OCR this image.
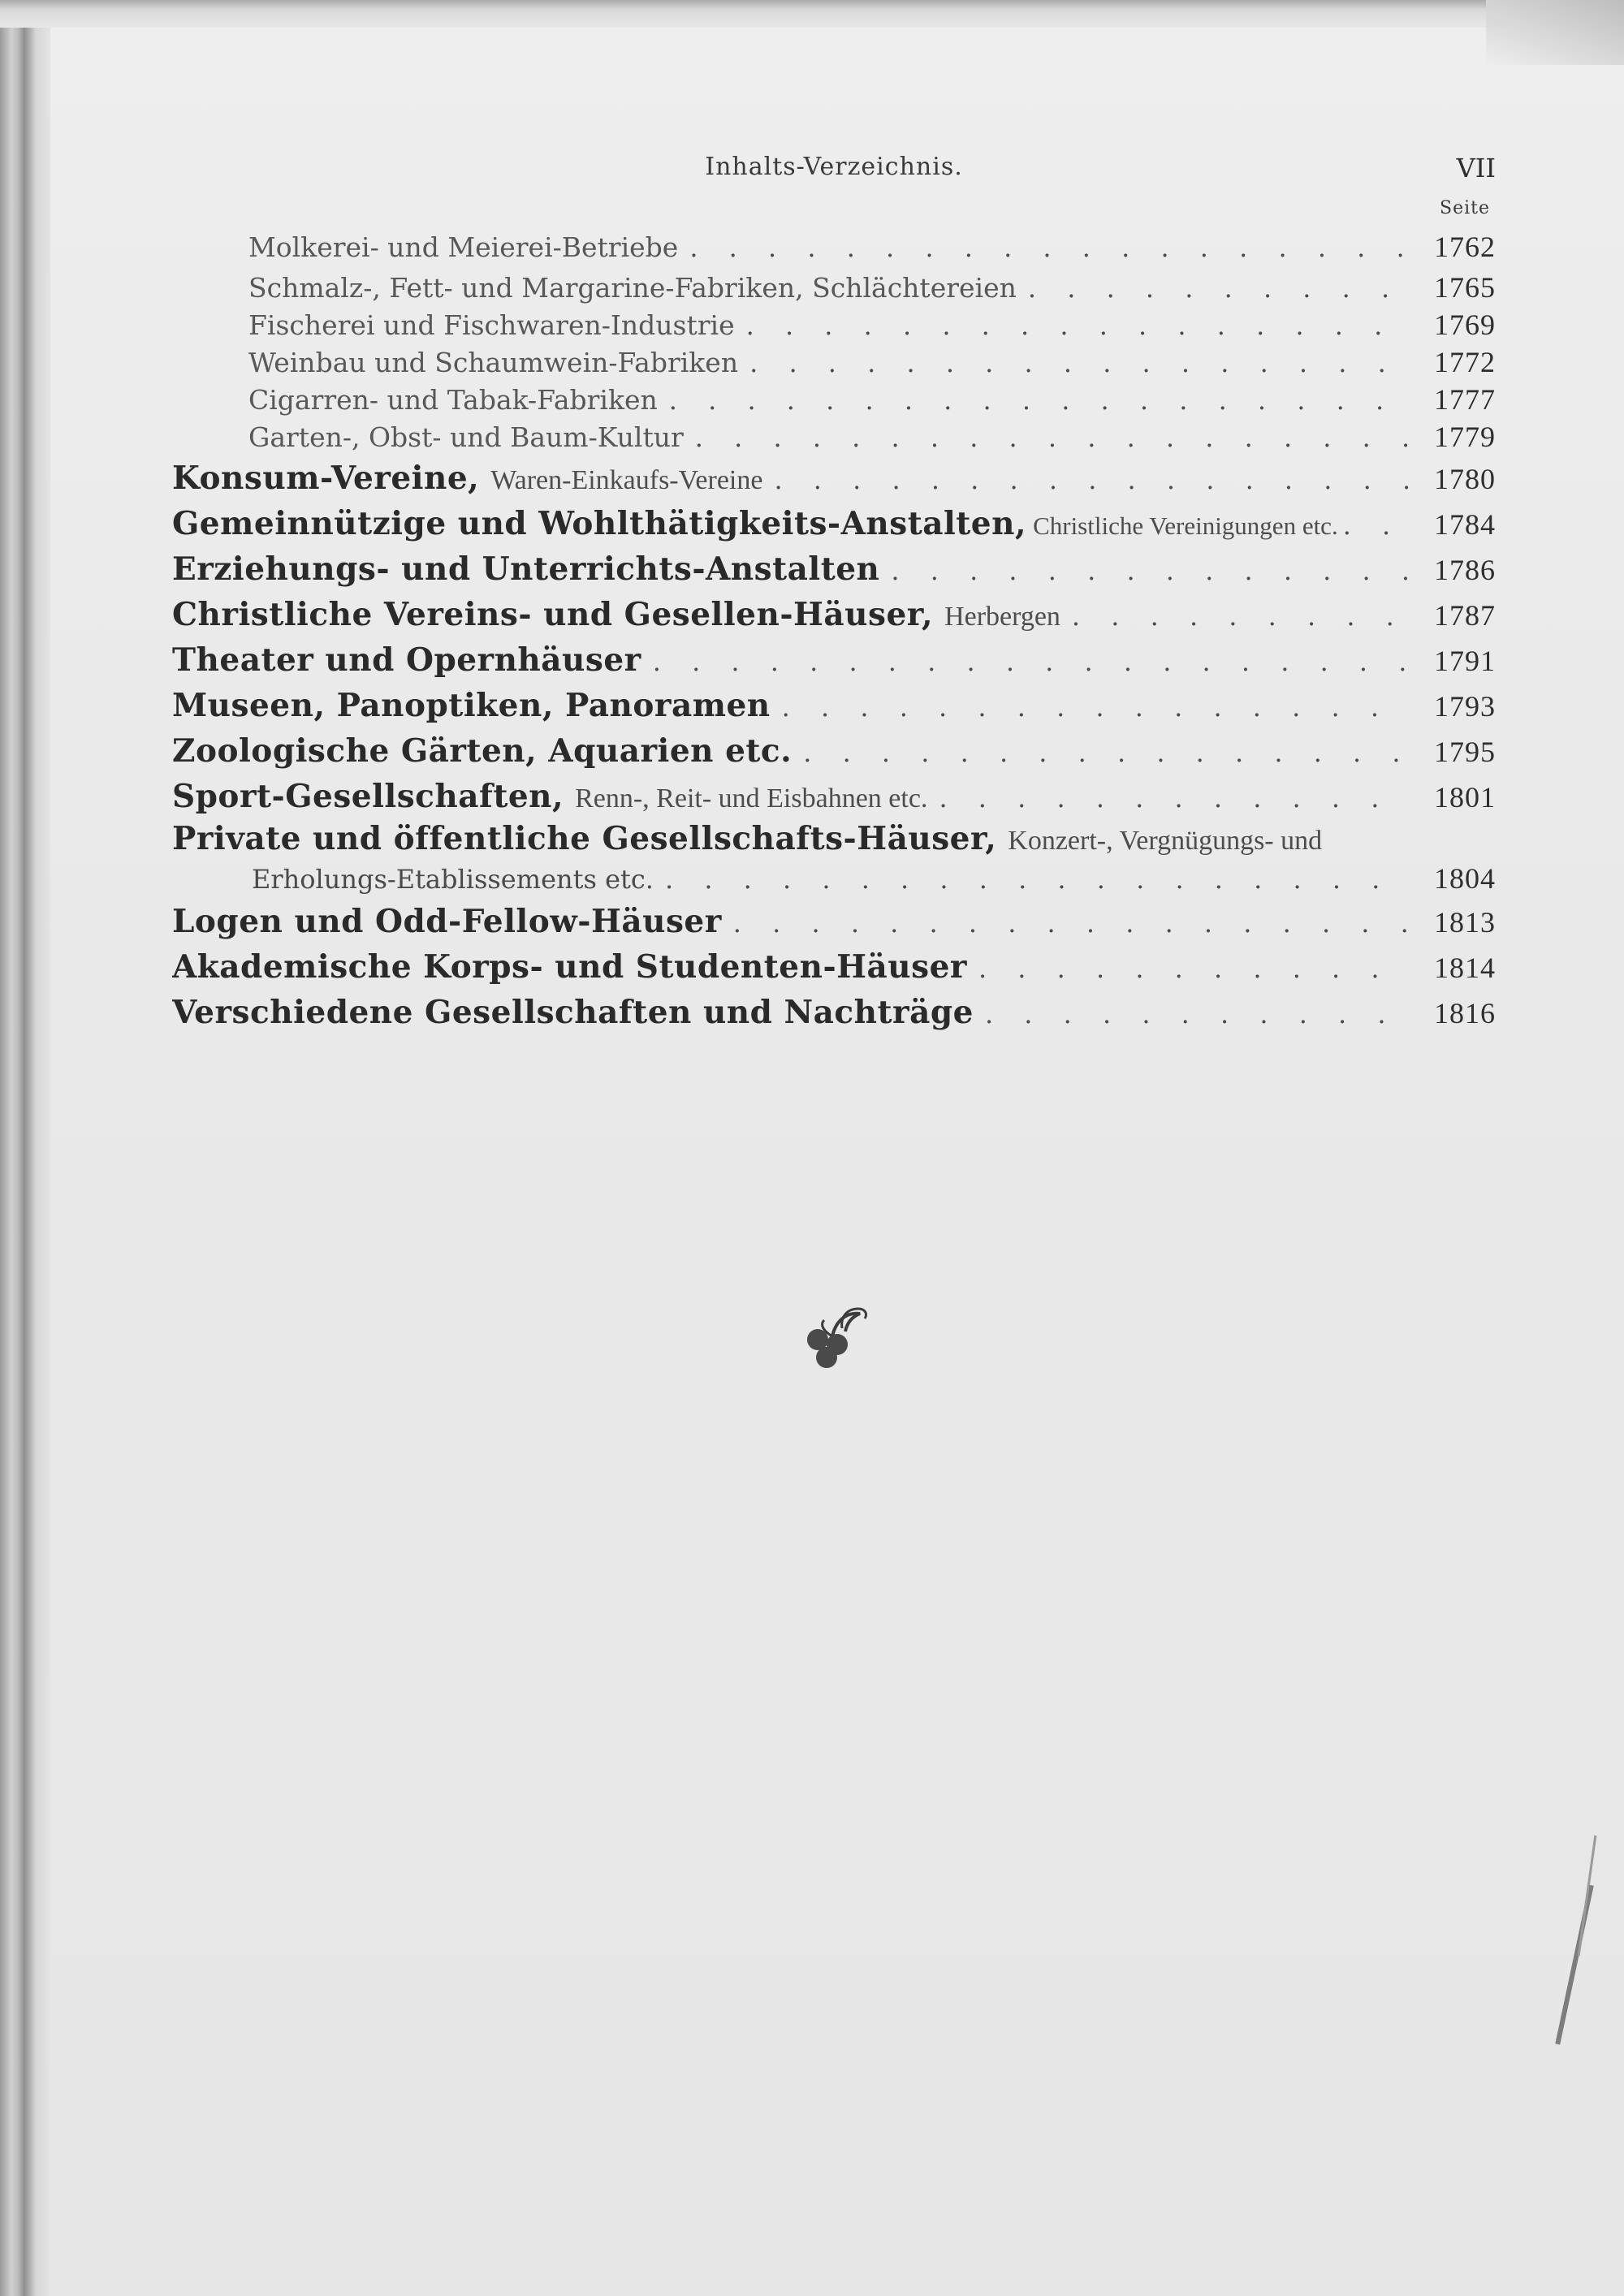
Inhalts-Verzeichnis.	VII
Seite
Molkerei- und Meierei-Betriebe . . .	1762
Schmalz-, Fett- und Margarine-Fabriken, Schlächtereien . . .	1765
Fischerei und Fischwaren-Industrie . . .	1769
Weinbau und Schaumwein-Fabriken . . .	1772
Cigarren- und Tabak-Fabriken . . .	1777
Garten-, Obst- und Baum-Kultur . . .	1779
Konsum-Vereine, Waren-Einkaufs-Vereine . . .	1780
Gemeinnützige und Wohlthätigkeits-Anstalten, Christliche Vereinigungen etc. . . .	1784
Erziehungs- und Unterrichts-Anstalten . . .	1786
Christliche Vereins- und Gesellen-Häuser, Herbergen . . .	1787
Theater und Opernhäuser . . .	1791
Museen, Panoptiken, Panoramen . . .	1793
Zoologische Gärten, Aquarien etc. . . .	1795
Sport-Gesellschaften, Renn-, Reit- und Eisbahnen etc. . . .	1801
Private und öffentliche Gesellschafts-Häuser, Konzert-, Vergnügungs- und
Erholungs-Etablissements etc. . . .	1804
Logen und Odd-Fellow-Häuser . . .	1813
Akademische Korps- und Studenten-Häuser . . .	1814
Verschiedene Gesellschaften und Nachträge . . .	1816
